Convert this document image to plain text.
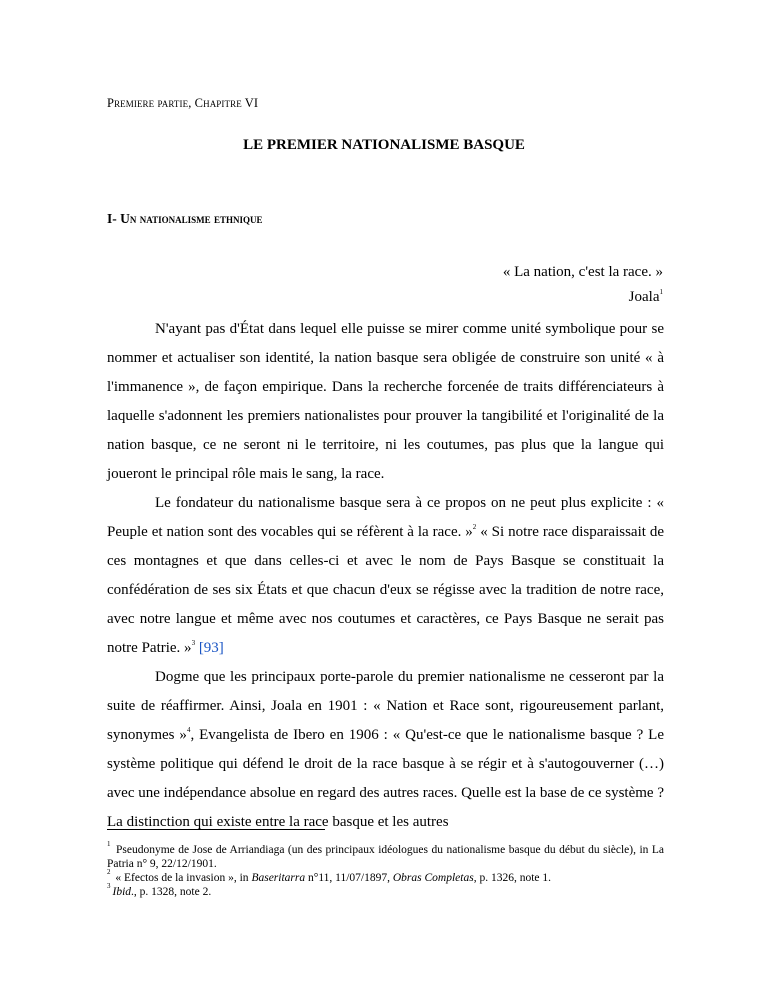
Premiere partie, Chapitre VI
LE PREMIER NATIONALISME BASQUE
I- Un nationalisme ethnique
« La nation, c'est la race. »
Joala$^1$

N'ayant pas d'État dans lequel elle puisse se mirer comme unité symbolique pour se nommer et actualiser son identité, la nation basque sera obligée de construire son unité « à l'immanence », de façon empirique. Dans la recherche forcenée de traits différenciateurs à laquelle s'adonnent les premiers nationalistes pour prouver la tangibilité et l'originalité de la nation basque, ce ne seront ni le territoire, ni les coutumes, pas plus que la langue qui joueront le principal rôle mais le sang, la race.

Le fondateur du nationalisme basque sera à ce propos on ne peut plus explicite : « Peuple et nation sont des vocables qui se réfèrent à la race. »$^2$ « Si notre race disparaissait de ces montagnes et que dans celles-ci et avec le nom de Pays Basque se constituait la confédération de ses six États et que chacun d'eux se régisse avec la tradition de notre race, avec notre langue et même avec nos coutumes et caractères, ce Pays Basque ne serait pas notre Patrie. »$^3$ [93]

Dogme que les principaux porte-parole du premier nationalisme ne cesseront par la suite de réaffirmer. Ainsi, Joala en 1901 : « Nation et Race sont, rigoureusement parlant, synonymes »$^4$, Evangelista de Ibero en 1906 : « Qu'est-ce que le nationalisme basque ? Le système politique qui défend le droit de la race basque à se régir et à s'autogouverner (…) avec une indépendance absolue en regard des autres races. Quelle est la base de ce système ? La distinction qui existe entre la race basque et les autres

$^1$ Pseudonyme de Jose de Arriandiaga (un des principaux idéologues du nationalisme basque du début du siècle), in La Patria n° 9, 22/12/1901.

$^2$ « Efectos de la invasion », in Baseritarra n°11, 11/07/1897, Obras Completas, p. 1326, note 1.

$^3$ Ibid., p. 1328, note 2.
